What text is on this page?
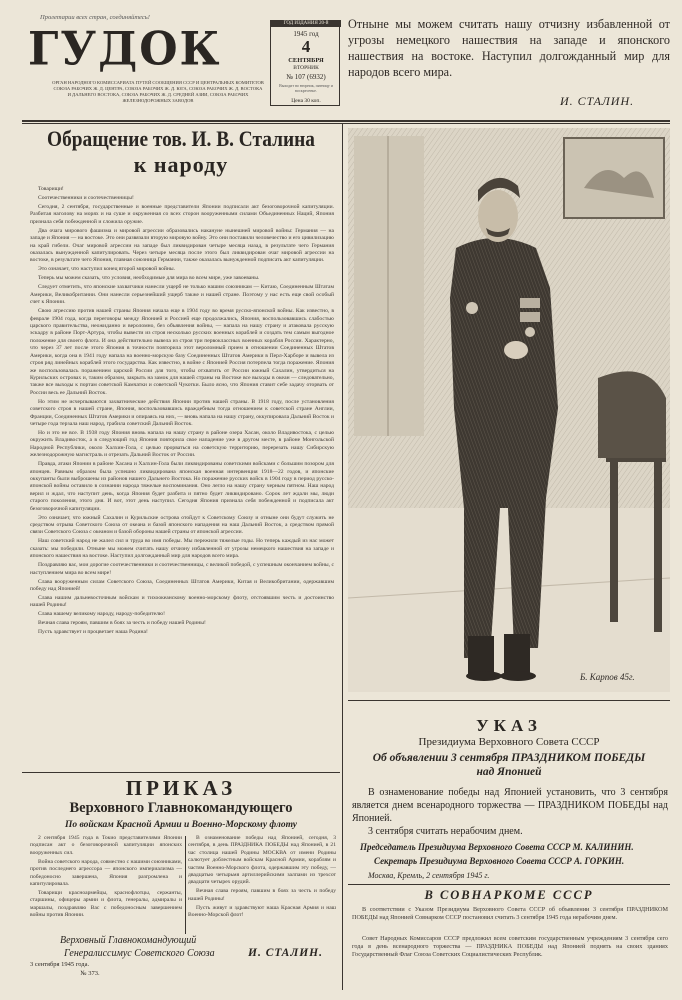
Пролетарии всех стран, соединяйтесь!
ГУДОК
ОРГАН НАРОДНОГО КОМИССАРИАТА ПУТЕЙ СООБЩЕНИЯ СССР И ЦЕНТРАЛЬНЫХ КОМИТЕТОВ СОЮЗА РАБОЧИХ Ж. Д. ЦЕНТРА, СОЮЗА РАБОЧИХ Ж. Д. ЮГА, СОЮЗА РАБОЧИХ Ж. Д. ВОСТОКА И ДАЛЬНЕГО ВОСТОКА, СОЮЗА РАБОЧИХ Ж. Д. СРЕДНЕЙ АЗИИ, СОЮЗА РАБОЧИХ ЖЕЛЕЗНОДОРОЖНЫХ ЗАВОДОВ
ГОД ИЗДАНИЯ 20-й
1945 год
4
СЕНТЯБРЯ
ВТОРНИК
№ 107 (6932)
Выходит во вторник, пятницу и воскресенье.
Цена 30 коп.
Отныне мы можем считать нашу отчизну избавленной от угрозы немецкого нашествия на западе и японского нашествия на востоке. Наступил долгожданный мир для народов всего мира.
И. СТАЛИН.
Обращение тов. И. В. Сталина
к народу

Товарищи!

Соотечественники и соотечественницы!

Сегодня, 2 сентября, государственные и военные представители Японии подписали акт безоговорочной капитуляции. Разбитая наголову на морях и на суше и окруженная со всех сторон вооруженными силами Объединенных Наций, Япония признала себя побежденной и сложила оружие.

Два очага мирового фашизма и мировой агрессии образовались накануне нынешней мировой войны: Германия — на западе и Япония — на востоке. Это они развязали вторую мировую войну. Это они поставили человечество и его цивилизацию на край гибели. Очаг мировой агрессии на западе был ликвидирован четыре месяца назад, в результате чего Германия оказалась вынужденной капитулировать. Через четыре месяца после этого был ликвидирован очаг мировой агрессии на востоке, в результате чего Япония, главная союзница Германии, также оказалась вынужденной подписать акт капитуляции.

Это означает, что наступил конец второй мировой войны.

Теперь мы можем сказать, что условия, необходимые для мира во всем мире, уже завоеваны.

Следует отметить, что японские захватчики нанесли ущерб не только нашим союзникам — Китаю, Соединенным Штатам Америки, Великобритании. Они нанесли серьезнейший ущерб также и нашей стране. Поэтому у нас есть еще свой особый счет к Японии.

Свою агрессию против нашей страны Япония начала еще в 1904 году во время русско-японской войны. Как известно, в феврале 1904 года, когда переговоры между Японией и Россией еще продолжались, Япония, воспользовавшись слабостью царского правительства, неожиданно и вероломно, без объявления войны, — напала на нашу страну и атаковала русскую эскадру в районе Порт-Артура, чтобы вывести из строя несколько русских военных кораблей и создать тем самым выгодное положение для своего флота. И она действительно вывела из строя три первоклассных военных корабля России. Характерно, что через 37 лет после этого Япония в точности повторила этот вероломный прием в отношении Соединенных Штатов Америки, когда она в 1941 году напала на военно-морскую базу Соединенных Штатов Америки в Перл-Харборе и вывела из строя ряд линейных кораблей этого государства. Как известно, в войне с Японией Россия потерпела тогда поражение. Япония же воспользовалась поражением царской России для того, чтобы отхватить от России южный Сахалин, утвердиться на Курильских островах и, таким образом, закрыть на замок для нашей страны на Востоке все выходы в океан — следовательно, также все выходы к портам советской Камчатки и советской Чукотки. Было ясно, что Япония ставит себе задачу оторвать от России весь ее Дальний Восток.

Но этим не исчерпываются захватнические действия Японии против нашей страны. В 1918 году, после установления советского строя в нашей стране, Япония, воспользовавшись враждебным тогда отношением к советской стране Англии, Франции, Соединенных Штатов Америки и опираясь на них, — вновь напала на нашу страну, оккупировала Дальний Восток и четыре года терзала наш народ, грабила советский Дальний Восток.

Но и это не все. В 1938 году Япония вновь напала на нашу страну в районе озера Хасан, около Владивостока, с целью окружить Владивосток, а в следующий год Япония повторила свое нападение уже в другом месте, в районе Монгольской Народной Республики, около Халхин-Гола, с целью прорваться на советскую территорию, перерезать нашу Сибирскую железнодорожную магистраль и отрезать Дальний Восток от России.

Правда, атаки Японии в районе Хасана и Халхин-Гола были ликвидированы советскими войсками с большим позором для японцев. Равным образом была успешно ликвидирована японская военная интервенция 1918—22 годов, и японские оккупанты были выброшены из районов нашего Дальнего Востока. Но поражение русских войск в 1904 году в период русско-японской войны оставило в сознании народа тяжелые воспоминания. Оно легло на нашу страну черным пятном. Наш народ верил и ждал, что наступит день, когда Япония будет разбита и пятно будет ликвидировано. Сорок лет ждали мы, люди старого поколения, этого дня. И вот, этот день наступил. Сегодня Япония признала себя побежденной и подписала акт безоговорочной капитуляции.

Это означает, что южный Сахалин и Курильские острова отойдут к Советскому Союзу и отныне они будут служить не средством отрыва Советского Союза от океана и базой японского нападения на наш Дальний Восток, а средством прямой связи Советского Союза с океаном и базой обороны нашей страны от японской агрессии.

Наш советский народ не жалел сил и труда во имя победы. Мы пережили тяжелые годы. Но теперь каждый из нас может сказать: мы победили. Отныне мы можем считать нашу отчизну избавленной от угрозы немецкого нашествия на западе и японского нашествия на востоке. Наступил долгожданный мир для народов всего мира.

Поздравляю вас, мои дорогие соотечественники и соотечественницы, с великой победой, с успешным окончанием войны, с наступлением мира во всем мире!

Слава вооруженным силам Советского Союза, Соединенных Штатов Америки, Китая и Великобритании, одержавшим победу над Японией!

Слава нашим дальневосточным войскам и тихоокеанскому военно-морскому флоту, отстоявшим честь и достоинство нашей Родины!

Слава нашему великому народу, народу-победителю!

Вечная слава героям, павшим в боях за честь и победу нашей Родины!

Пусть здравствует и процветает наша Родина!

ПРИКАЗ
Верховного Главнокомандующего
По войскам Красной Армии и Военно-Морскому флоту

2 сентября 1945 года в Токио представителями Японии подписан акт о безоговорочной капитуляции японских вооруженных сил.

Война советского народа, совместно с нашими союзниками, против последнего агрессора — японского империализма — победоносно завершена, Япония разгромлена и капитулировала.

Товарищи красноармейцы, краснофлотцы, сержанты, старшины, офицеры армии и флота, генералы, адмиралы и маршалы, поздравляю Вас с победоносным завершением войны против Японии.

В ознаменование победы над Японией, сегодня, 3 сентября, в день ПРАЗДНИКА ПОБЕДЫ над Японией, в 21 час столица нашей Родины МОСКВА от имени Родины салютует доблестным войскам Красной Армии, кораблям и частям Военно-Морского флота, одержавшим эту победу, — двадцатью четырьмя артиллерийскими залпами из трехсот двадцати четырех орудий.

Вечная слава героям, павшим в боях за честь и победу нашей Родины!

Пусть живут и здравствуют наша Красная Армия и наш Военно-Морской флот!

Верховный Главнокомандующий
Генералиссимус Советского Союза	И. СТАЛИН.
3 сентября 1945 года.
№ 373.
Б. Карпов 45г.
УКАЗ
Президиума Верховного Совета СССР
Об объявлении 3 сентября ПРАЗДНИКОМ ПОБЕДЫ
над Японией
В ознаменование победы над Японией установить, что 3 сентября является днем всенародного торжества — ПРАЗДНИКОМ ПОБЕДЫ над Японией.
3 сентября считать нерабочим днем.
Председатель Президиума Верховного Совета СССР М. КАЛИНИН.
Секретарь Президиума Верховного Совета СССР А. ГОРКИН.
Москва, Кремль, 2 сентября 1945 г.
В СОВНАРКОМЕ СССР
В соответствии с Указом Президиума Верховного Совета СССР об объявлении 3 сентября ПРАЗДНИКОМ ПОБЕДЫ над Японией Совнарком СССР постановил считать 3 сентября 1945 года нерабочим днем.
Совет Народных Комиссаров СССР предложил всем советским государственным учреждениям 3 сентября сего года в день всенародного торжества — ПРАЗДНИКА ПОБЕДЫ над Японией поднять на своих зданиях Государственный Флаг Союза Советских Социалистических Республик.
